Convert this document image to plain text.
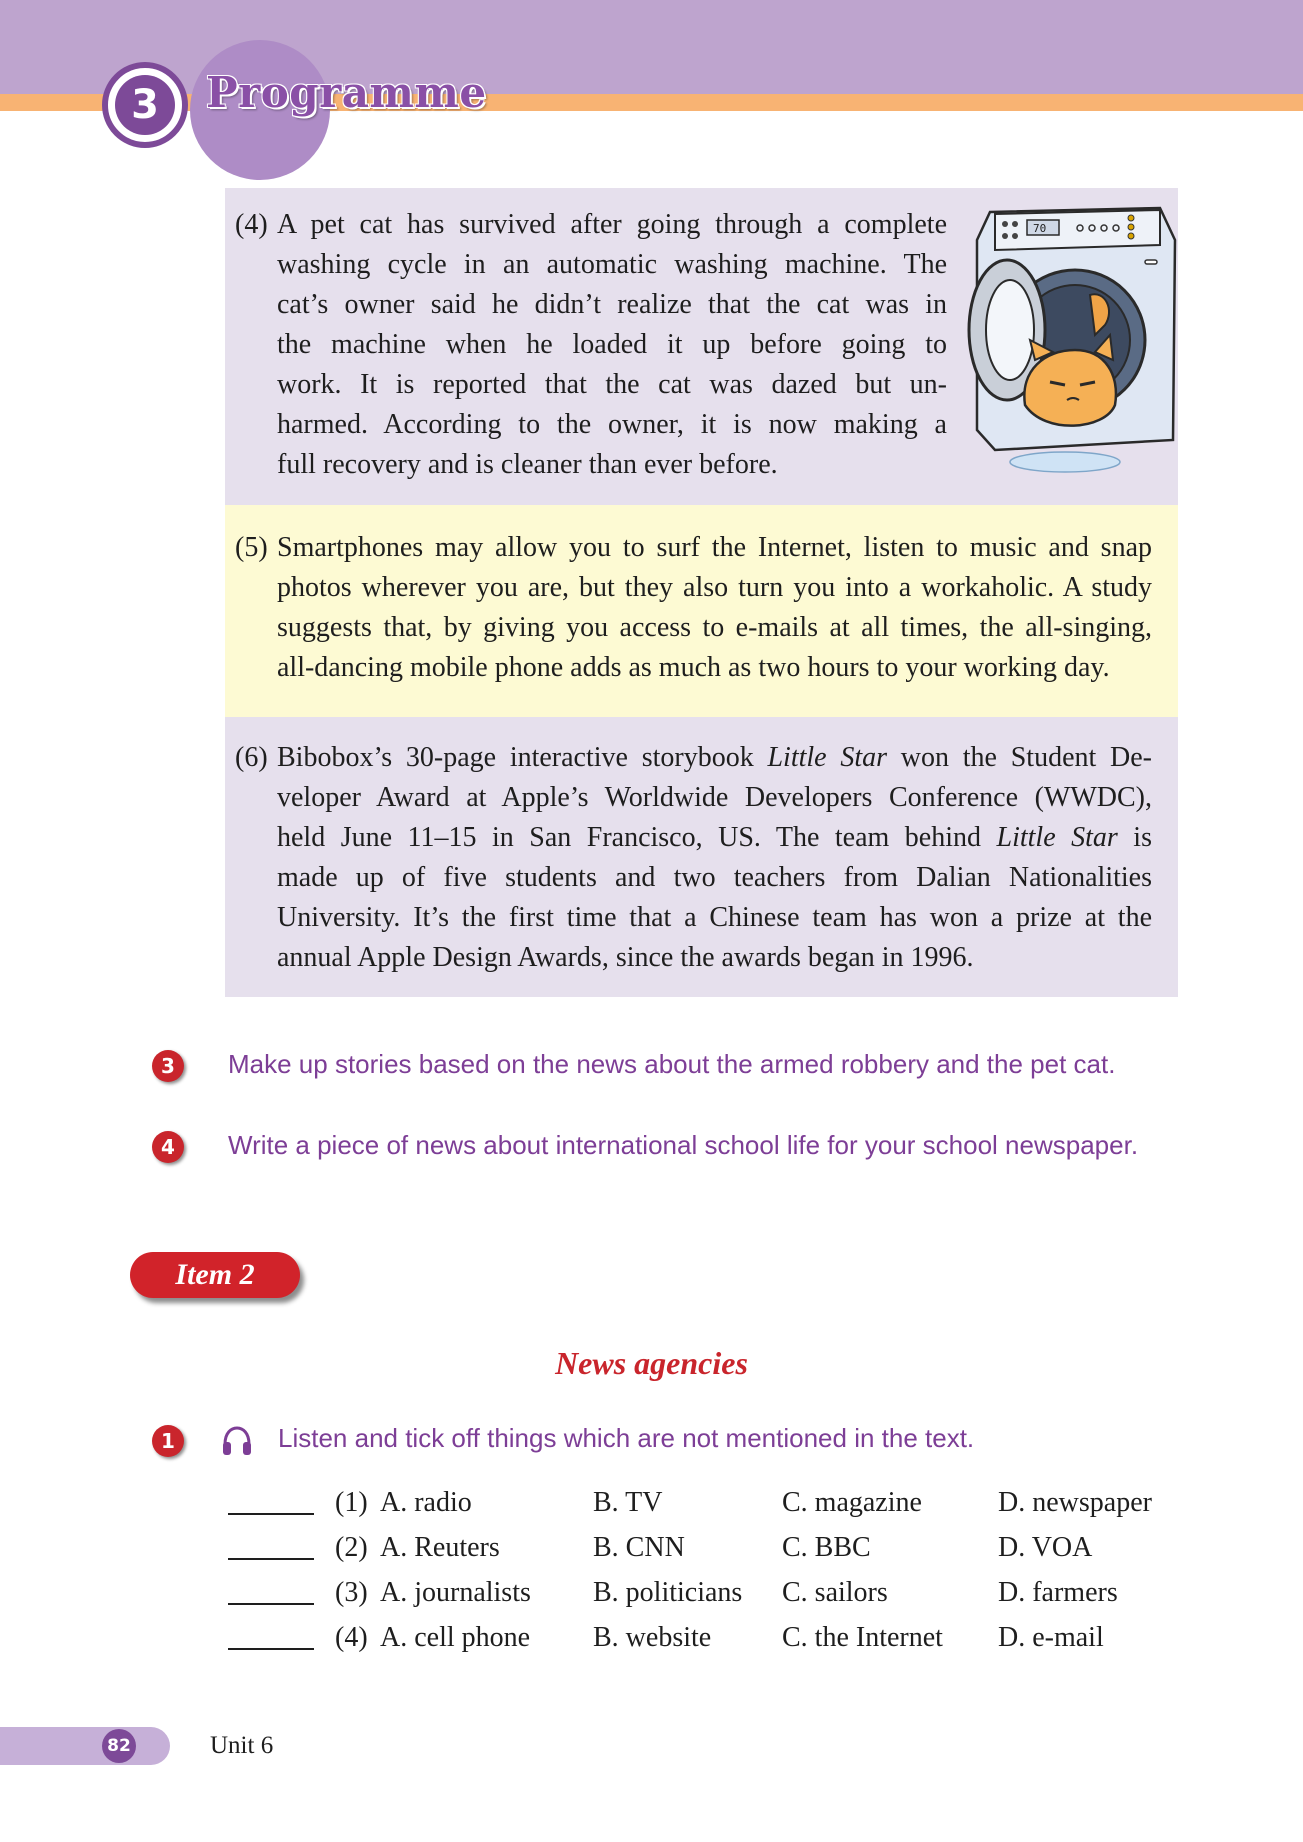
3	Programme
(4) A pet cat has survived after going through a complete
washing cycle in an automatic washing machine. The
cat’s owner said he didn’t realize that the cat was in
the machine when he loaded it up before going to
work. It is reported that the cat was dazed but un-
harmed. According to the owner, it is now making a
full recovery and is cleaner than ever before.
70
(5) Smartphones may allow you to surf the Internet, listen to music and snap
photos wherever you are, but they also turn you into a workaholic. A study
suggests that, by giving you access to e-mails at all times, the all-singing,
all-dancing mobile phone adds as much as two hours to your working day.
(6) Bibobox’s 30-page interactive storybook Little Star won the Student De-
veloper Award at Apple’s Worldwide Developers Conference (WWDC),
held June 11–15 in San Francisco, US. The team behind Little Star is
made up of five students and two teachers from Dalian Nationalities
University. It’s the first time that a Chinese team has won a prize at the
annual Apple Design Awards, since the awards began in 1996.
3	Make up stories based on the news about the armed robbery and the pet cat.
4	Write a piece of news about international school life for your school newspaper.
Item 2
News agencies
1	Listen and tick off things which are not mentioned in the text.
(1) A. radio	B. TV	C. magazine	D. newspaper
(2) A. Reuters	B. CNN	C. BBC	D. VOA
(3) A. journalists B. politicians C. sailors	D. farmers
(4) A. cell phone B. website	C. the Internet D. e-mail
82	Unit 6
